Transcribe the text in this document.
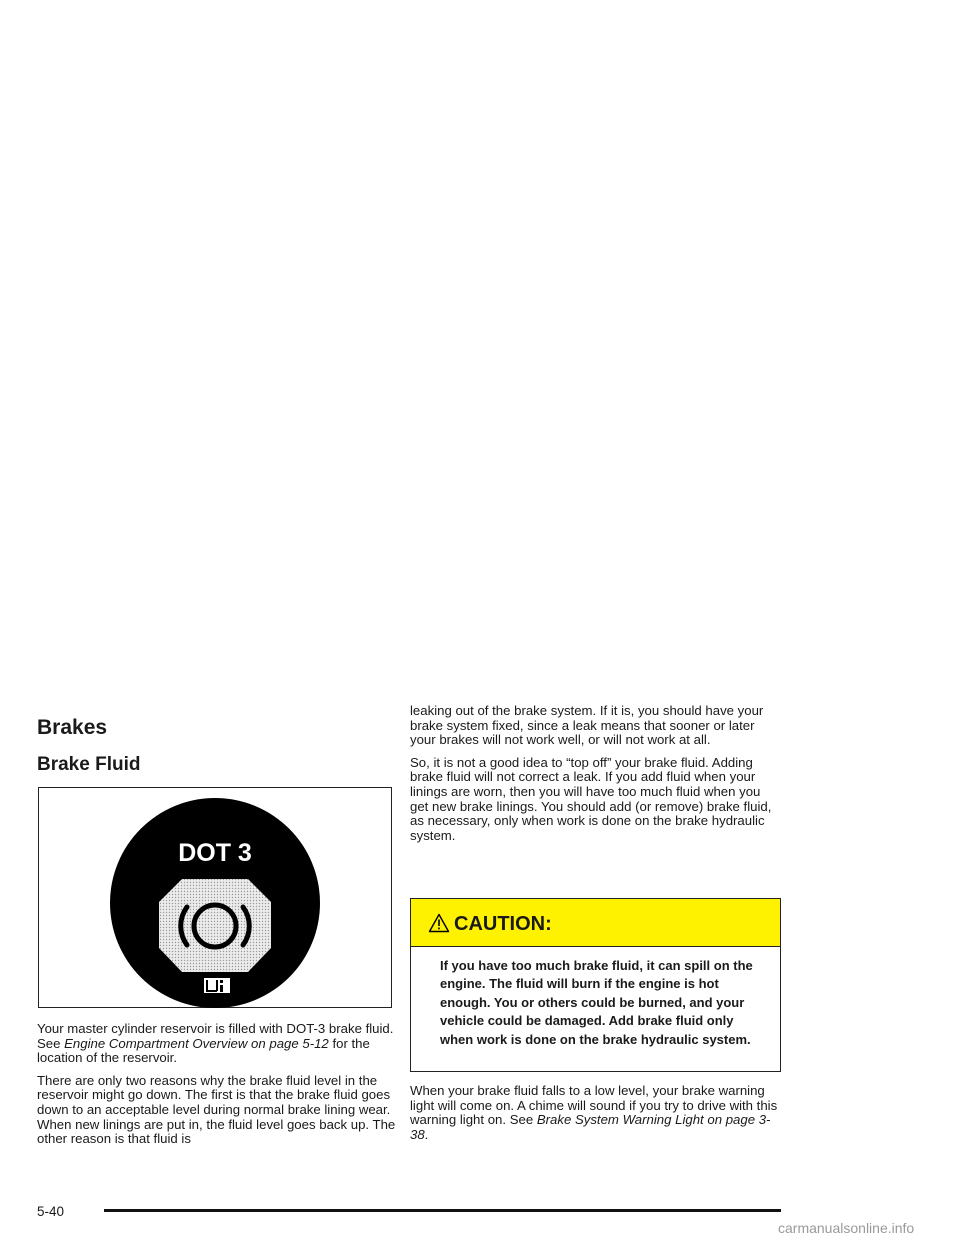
Brakes
Brake Fluid
DOT 3

Your master cylinder reservoir is filled with DOT-3 brake fluid. See Engine Compartment Overview on page 5-12 for the location of the reservoir.

There are only two reasons why the brake fluid level in the reservoir might go down. The first is that the brake fluid goes down to an acceptable level during normal brake lining wear. When new linings are put in, the fluid level goes back up. The other reason is that fluid is

leaking out of the brake system. If it is, you should have your brake system fixed, since a leak means that sooner or later your brakes will not work well, or will not work at all.

So, it is not a good idea to “top off” your brake fluid. Adding brake fluid will not correct a leak. If you add fluid when your linings are worn, then you will have too much fluid when you get new brake linings. You should add (or remove) brake fluid, as necessary, only when work is done on the brake hydraulic system.

CAUTION:
If you have too much brake fluid, it can spill on the engine. The fluid will burn if the engine is hot enough. You or others could be burned, and your vehicle could be damaged. Add brake fluid only when work is done on the brake hydraulic system.

When your brake fluid falls to a low level, your brake warning light will come on. A chime will sound if you try to drive with this warning light on. See Brake System Warning Light on page 3-38.

5-40
carmanualsonline.info
